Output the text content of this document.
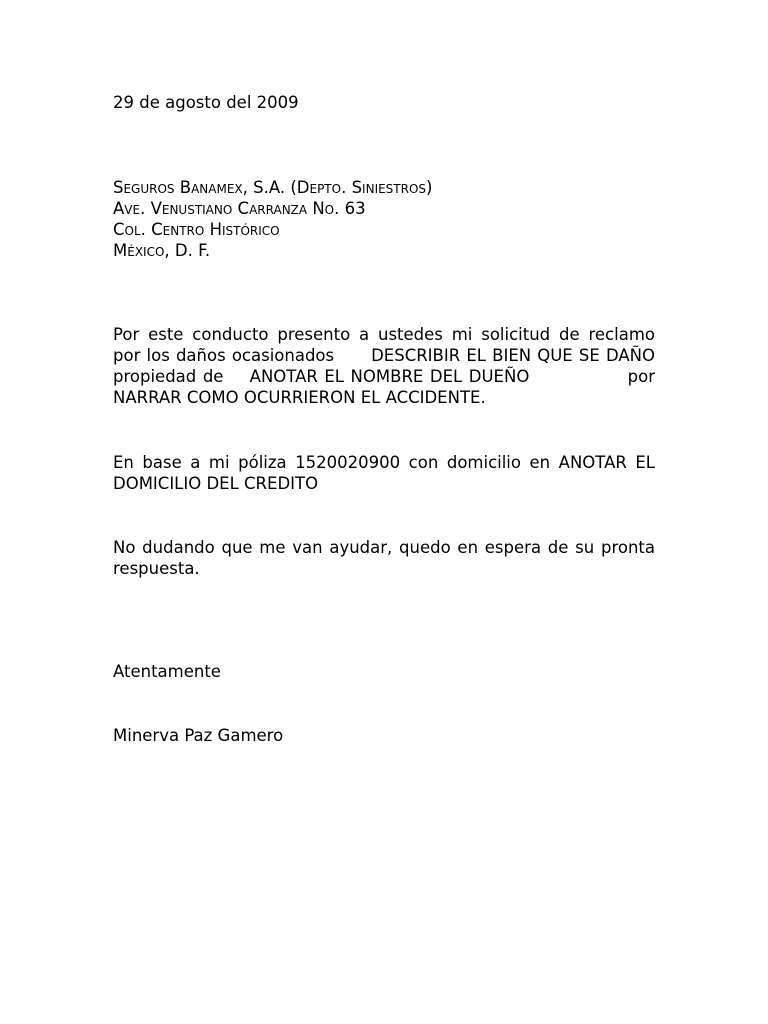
29 de agosto del 2009
Seguros Banamex, S.A. (Depto. Siniestros)
Ave. Venustiano Carranza No. 63
Col. Centro Histórico
México, D. F.
Por este conducto presento a ustedes mi solicitud de reclamo por los daños ocasionados      DESCRIBIR EL BIEN QUE SE DAÑO      propiedad de    ANOTAR EL NOMBRE DEL DUEÑO               por          NARRAR COMO OCURRIERON EL ACCIDENTE.
En base a mi póliza 1520020900 con domicilio en ANOTAR EL DOMICILIO DEL CREDITO
No dudando que me van ayudar, quedo en espera de su pronta respuesta.
Atentamente
Minerva Paz Gamero
